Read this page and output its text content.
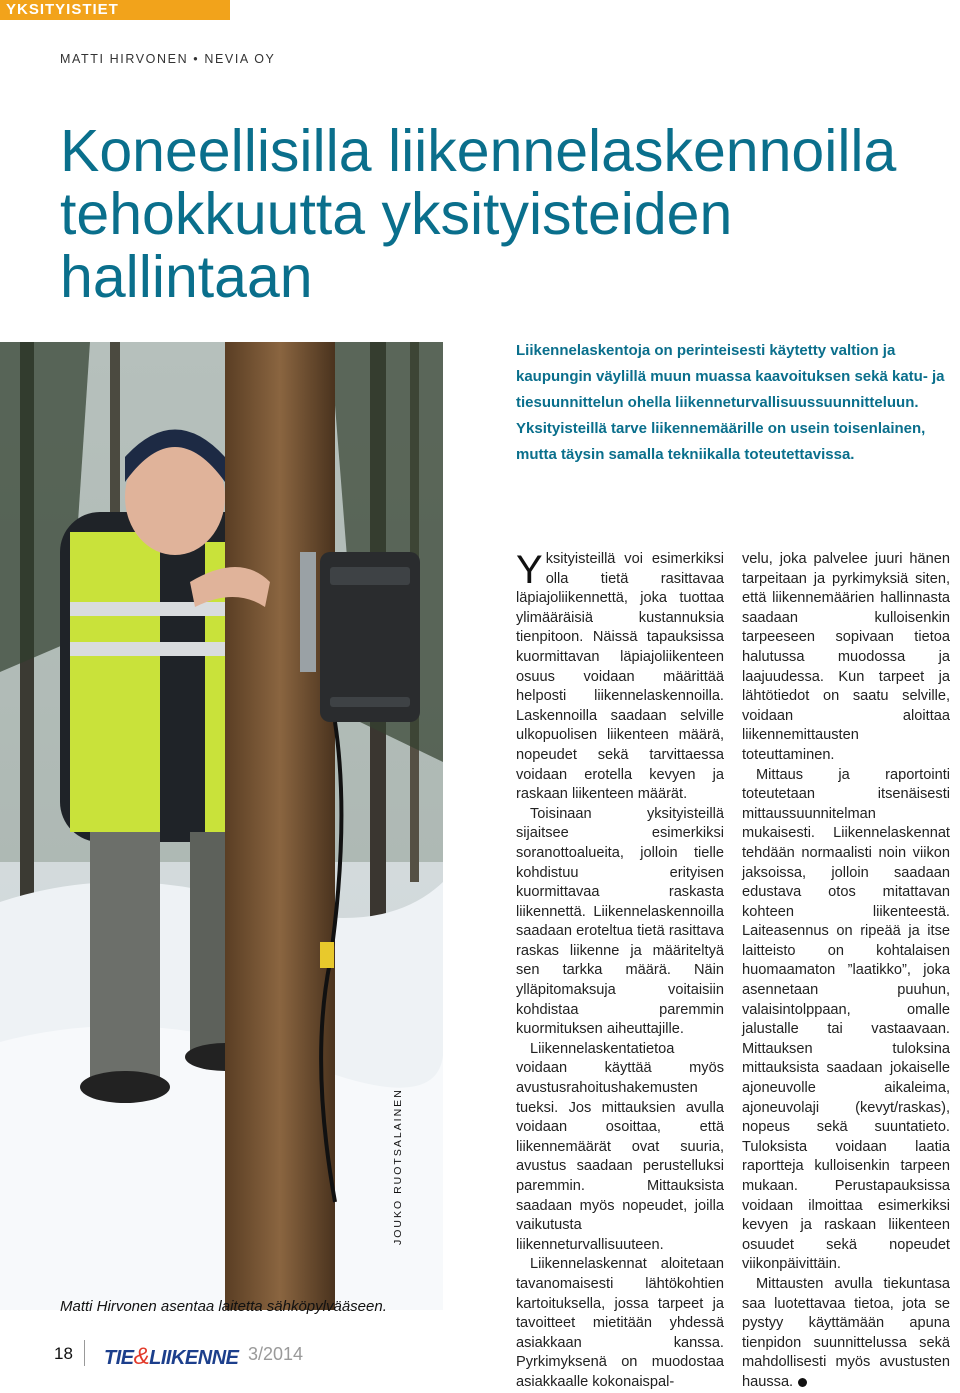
YKSITYISTIET
MATTI HIRVONEN • NEVIA OY
Koneellisilla liikennelaskennoilla
tehokkuutta yksityisteiden
hallintaan

Liikennelaskentoja on perinteisesti käytetty valtion ja kaupungin väylillä muun muassa kaavoituksen sekä katu- ja tiesuunnittelun ohella liikenneturvallisuussuunnitteluun. Yksityisteillä tarve liikennemäärille on usein toisenlainen, mutta täysin samalla tekniikalla toteutettavissa.

JOUKO RUOTSALAINEN
Matti Hirvonen asentaa laitetta sähköpylvääseen.

Yksityisteillä voi esimerkiksi olla tietä rasittavaa läpiajoliikennettä, joka tuottaa ylimääräisiä kustannuksia tienpitoon. Näissä tapauksissa kuormittavan läpiajoliikenteen osuus voidaan määrittää helposti liikennelaskennoilla. Laskennoilla saadaan selville ulkopuolisen liikenteen määrä, nopeudet sekä tarvittaessa voidaan erotella kevyen ja raskaan liikenteen määrät.

Toisinaan yksityisteillä sijaitsee esimerkiksi soranottoalueita, jolloin tielle kohdistuu erityisen kuormittavaa raskasta liikennettä. Liikennelaskennoilla saadaan eroteltua tietä rasittava raskas liikenne ja määriteltyä sen tarkka määrä. Näin ylläpitomaksuja voitaisiin kohdistaa paremmin kuormituksen aiheuttajille.

Liikennelaskentatietoa voidaan käyttää myös avustusrahoitushakemusten tueksi. Jos mittauksien avulla voidaan osoittaa, että liikennemäärät ovat suuria, avustus saadaan perustelluksi paremmin. Mittauksista saadaan myös nopeudet, joilla vaikutusta liikenneturvallisuuteen.

Liikennelaskennat aloitetaan tavanomaisesti lähtökohtien kartoituksella, jossa tarpeet ja tavoitteet mietitään yhdessä asiakkaan kanssa. Pyrkimyksenä on muodostaa asiakkaalle kokonaispal-

velu, joka palvelee juuri hänen tarpeitaan ja pyrkimyksiä siten, että liikennemäärien hallinnasta saadaan kulloisenkin tarpeeseen sopivaan tietoa halutussa muodossa ja laajuudessa. Kun tarpeet ja lähtötiedot on saatu selville, voidaan aloittaa liikennemittausten toteuttaminen.

Mittaus ja raportointi toteutetaan itsenäisesti mittaussuunnitelman mukaisesti. Liikennelaskennat tehdään normaalisti noin viikon jaksoissa, jolloin saadaan edustava otos mitattavan kohteen liikenteestä. Laiteasennus on ripeää ja itse laitteisto on kohtalaisen huomaamaton ”laatikko”, joka asennetaan puuhun, valaisintolppaan, omalle jalustalle tai vastaavaan. Mittauksen tuloksina mittauksista saadaan jokaiselle ajoneuvolle aikaleima, ajoneuvolaji (kevyt/raskas), nopeus sekä suuntatieto. Tuloksista voidaan laatia raportteja kulloisenkin tarpeen mukaan. Perustapauksissa voidaan ilmoittaa esimerkiksi kevyen ja raskaan liikenteen osuudet sekä nopeudet viikonpäivittäin.

Mittausten avulla tiekuntasa saa luotettavaa tietoa, jota se pystyy käyttämään apuna tienpidon suunnittelussa sekä mahdollisesti myös avustusten haussa.

18 TIE&LIIKENNE 3/2014
